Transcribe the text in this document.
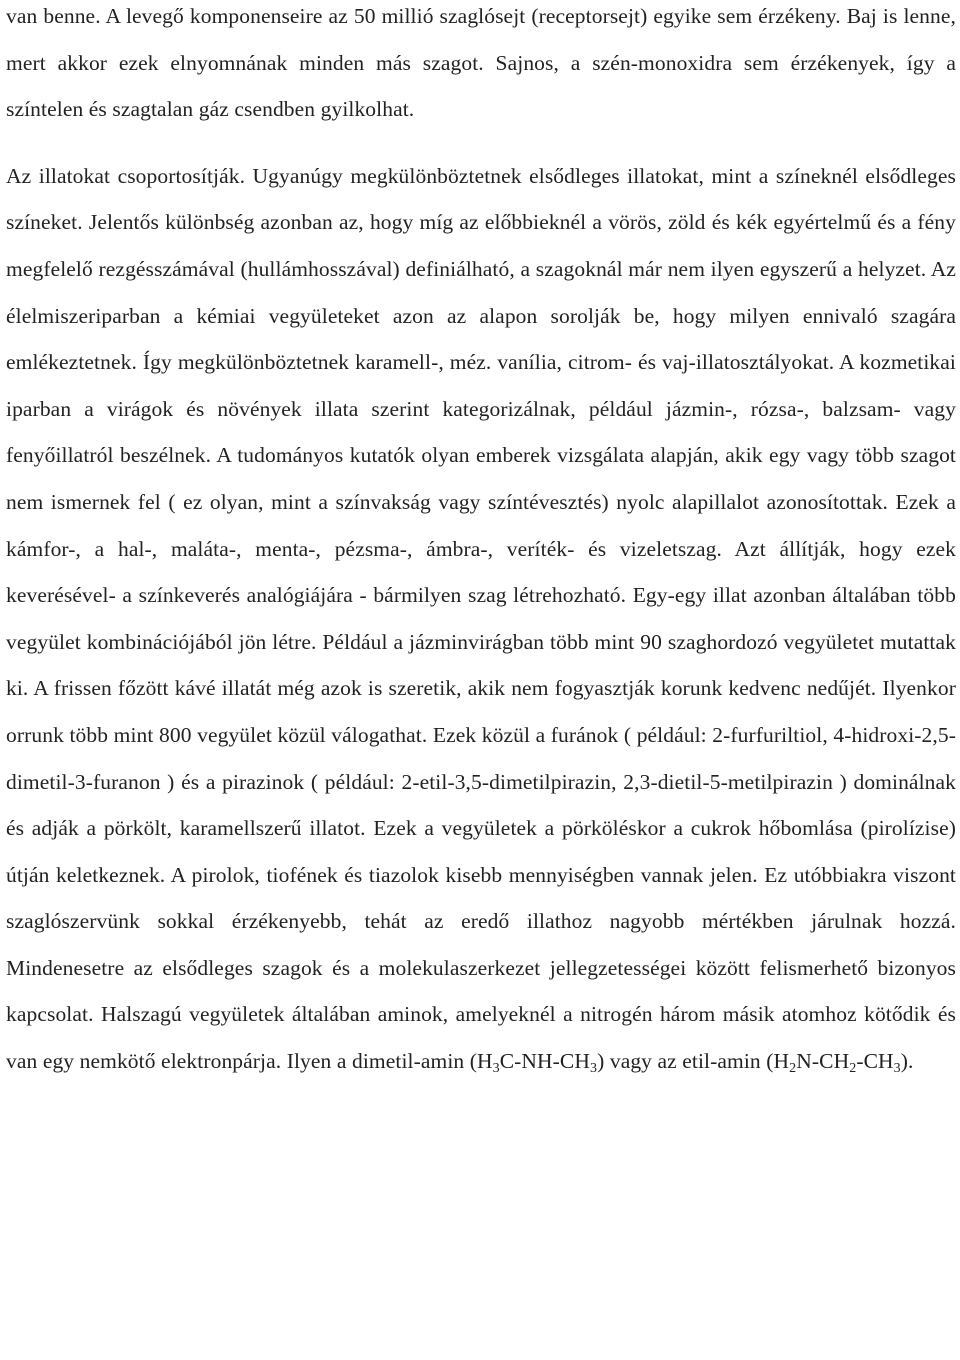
van benne. A levegő komponenseire az 50 millió szaglósejt (receptorsejt) egyike sem érzékeny. Baj is lenne, mert akkor ezek elnyomnának minden más szagot. Sajnos, a szén-monoxidra sem érzékenyek, így a színtelen és szagtalan gáz csendben gyilkolhat.

Az illatokat csoportosítják. Ugyanúgy megkülönböztetnek elsődleges illatokat, mint a színeknél elsődleges színeket. Jelentős különbség azonban az, hogy míg az előbbieknél a vörös, zöld és kék egyértelmű és a fény megfelelő rezgésszámával (hullámhosszával) definiálható, a szagoknál már nem ilyen egyszerű a helyzet. Az élelmiszeriparban a kémiai vegyületeket azon az alapon sorolják be, hogy milyen ennivaló szagára emlékeztetnek. Így megkülönböztetnek karamell-, méz. vanília, citrom- és vaj-illatosztályokat. A kozmetikai iparban a virágok és növények illata szerint kategorizálnak, például jázmin-, rózsa-, balzsam- vagy fenyőillatról beszélnek. A tudományos kutatók olyan emberek vizsgálata alapján, akik egy vagy több szagot nem ismernek fel ( ez olyan, mint a színvakság vagy színtévesztés) nyolc alapillalot azonosítottak. Ezek a kámfor-, a hal-, maláta-, menta-, pézsma-, ámbra-, veríték- és vizeletszag. Azt állítják, hogy ezek keverésével- a színkeverés analógiájára - bármilyen szag létrehozható. Egy-egy illat azonban általában több vegyület kombinációjából jön létre. Például a jázminvirágban több mint 90 szaghordozó vegyületet mutattak ki. A frissen főzött kávé illatát még azok is szeretik, akik nem fogyasztják korunk kedvenc nedűjét. Ilyenkor orrunk több mint 800 vegyület közül válogathat. Ezek közül a furánok ( például: 2-furfuriltiol, 4-hidroxi-2,5-dimetil-3-furanon ) és a pirazinok ( például: 2-etil-3,5-dimetilpirazin, 2,3-dietil-5-metilpirazin ) dominálnak és adják a pörkölt, karamellszerű illatot. Ezek a vegyületek a pörköléskor a cukrok hőbomlása (pirolízise) útján keletkeznek. A pirolok, tiofének és tiazolok kisebb mennyiségben vannak jelen. Ez utóbbiakra viszont szaglószervünk sokkal érzékenyebb, tehát az eredő illathoz nagyobb mértékben járulnak hozzá. Mindenesetre az elsődleges szagok és a molekulaszerkezet jellegzetességei között felismerhető bizonyos kapcsolat. Halszagú vegyületek általában aminok, amelyeknél a nitrogén három másik atomhoz kötődik és van egy nemkötő elektronpárja. Ilyen a dimetil-amin $(H_3C-NH-CH_3)$ vagy az etil-amin $(H_2N-CH_2-CH_3)$.
